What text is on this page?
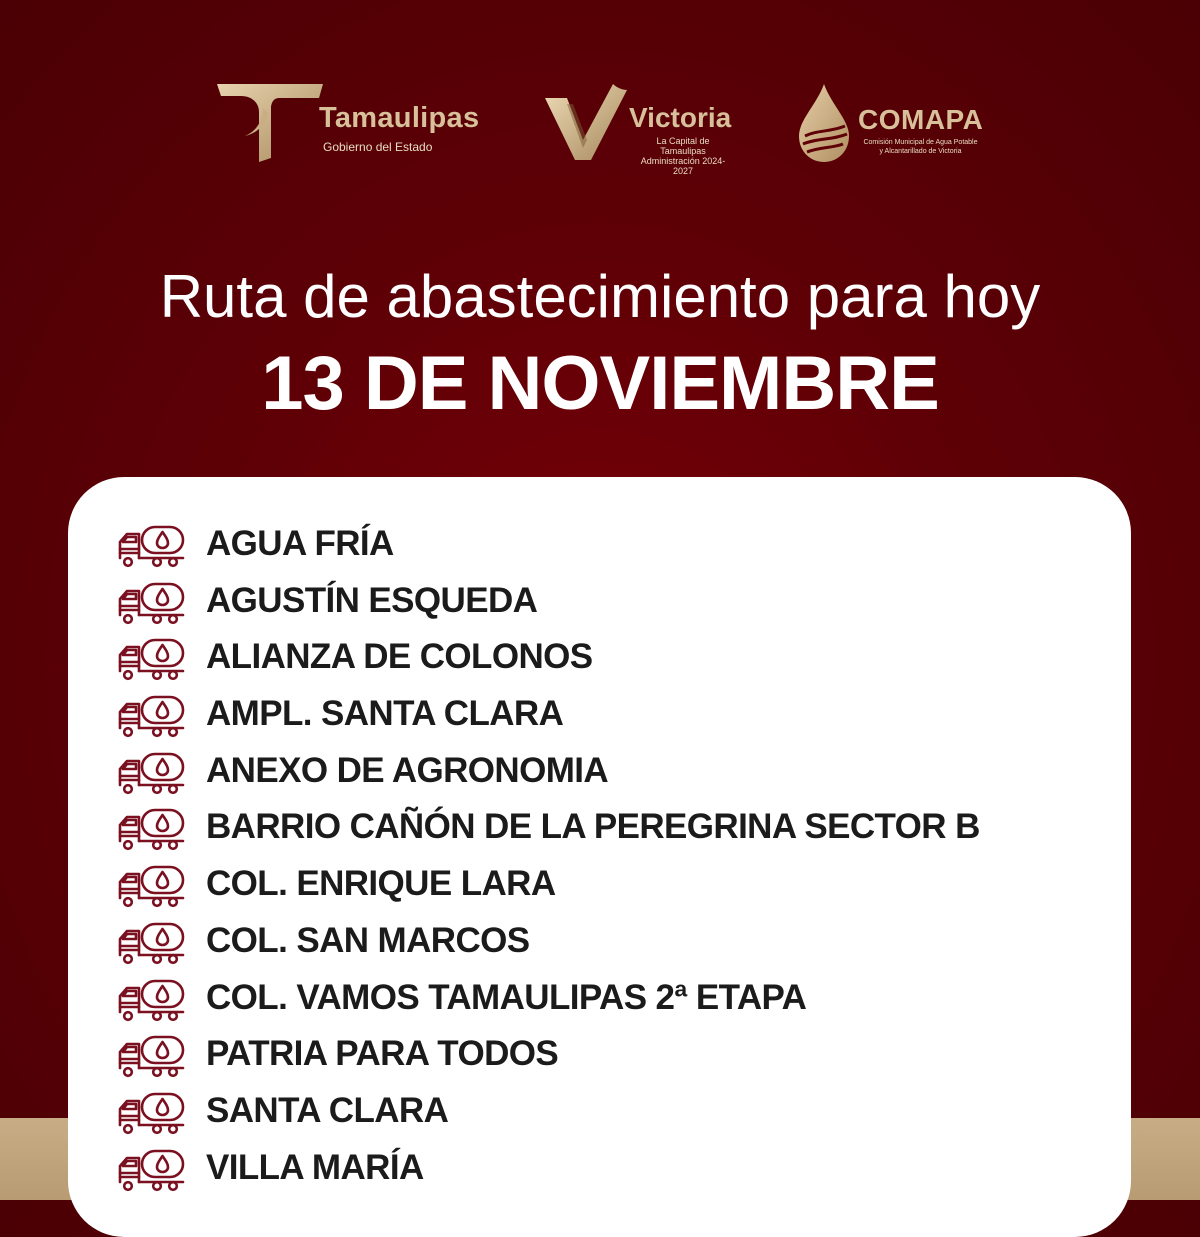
Tamaulipas
Gobierno del Estado
Victoria
La Capital de Tamaulipas
Administración 2024-2027
COMAPA
Comisión Municipal de Agua Potable
y Alcantarillado de Victoria
Ruta de abastecimiento para hoy
13 DE NOVIEMBRE
AGUA FRÍA
AGUSTÍN ESQUEDA
ALIANZA DE COLONOS
AMPL. SANTA CLARA
ANEXO DE AGRONOMIA
BARRIO CAÑÓN DE LA PEREGRINA SECTOR B
COL. ENRIQUE LARA
COL. SAN MARCOS
COL. VAMOS TAMAULIPAS 2ª ETAPA
PATRIA PARA TODOS
SANTA CLARA
VILLA MARÍA
